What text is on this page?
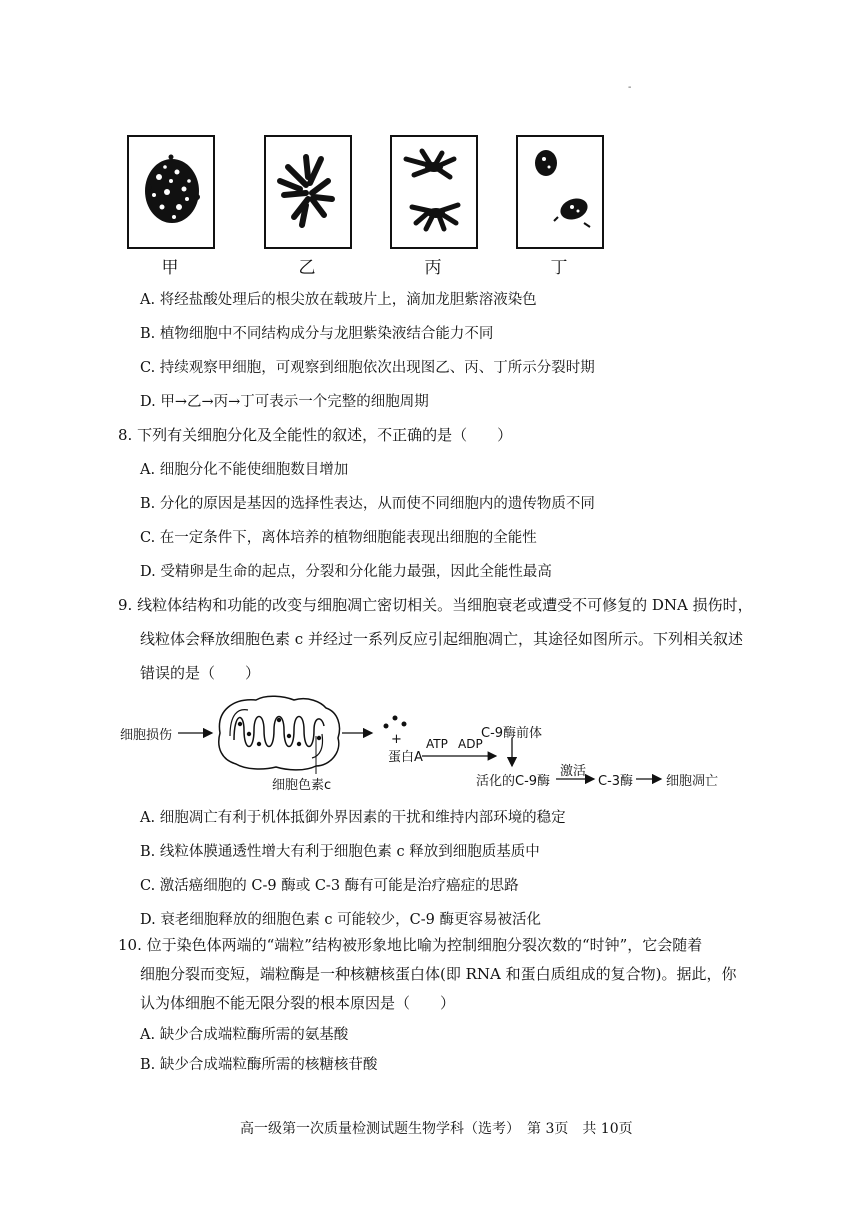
-
甲	乙	丙	丁
A. 将经盐酸处理后的根尖放在载玻片上，滴加龙胆紫溶液染色
B. 植物细胞中不同结构成分与龙胆紫染液结合能力不同
C. 持续观察甲细胞，可观察到细胞依次出现图乙、丙、丁所示分裂时期
D. 甲→乙→丙→丁可表示一个完整的细胞周期
8. 下列有关细胞分化及全能性的叙述，不正确的是（　　）
A. 细胞分化不能使细胞数目增加
B. 分化的原因是基因的选择性表达，从而使不同细胞内的遗传物质不同
C. 在一定条件下，离体培养的植物细胞能表现出细胞的全能性
D. 受精卵是生命的起点，分裂和分化能力最强，因此全能性最高
9. 线粒体结构和功能的改变与细胞凋亡密切相关。当细胞衰老或遭受不可修复的 DNA 损伤时，
线粒体会释放细胞色素 c 并经过一系列反应引起细胞凋亡，其途径如图所示。下列相关叙述
错误的是（　　）
细胞损伤
细胞色素c
+
蛋白A
ATP ADP
C-9酶前体
活化的C-9酶
激活
C-3酶	细胞凋亡
A. 细胞凋亡有利于机体抵御外界因素的干扰和维持内部环境的稳定
B. 线粒体膜通透性增大有利于细胞色素 c 释放到细胞质基质中
C. 激活癌细胞的 C-9 酶或 C-3 酶有可能是治疗癌症的思路
D. 衰老细胞释放的细胞色素 c 可能较少，C-9 酶更容易被活化
10. 位于染色体两端的“端粒”结构被形象地比喻为控制细胞分裂次数的“时钟”，它会随着
细胞分裂而变短，端粒酶是一种核糖核蛋白体(即 RNA 和蛋白质组成的复合物)。据此，你
认为体细胞不能无限分裂的根本原因是（　　）
A. 缺少合成端粒酶所需的氨基酸
B. 缺少合成端粒酶所需的核糖核苷酸
高一级第一次质量检测试题生物学科（选考）　第 3页　共 10页
